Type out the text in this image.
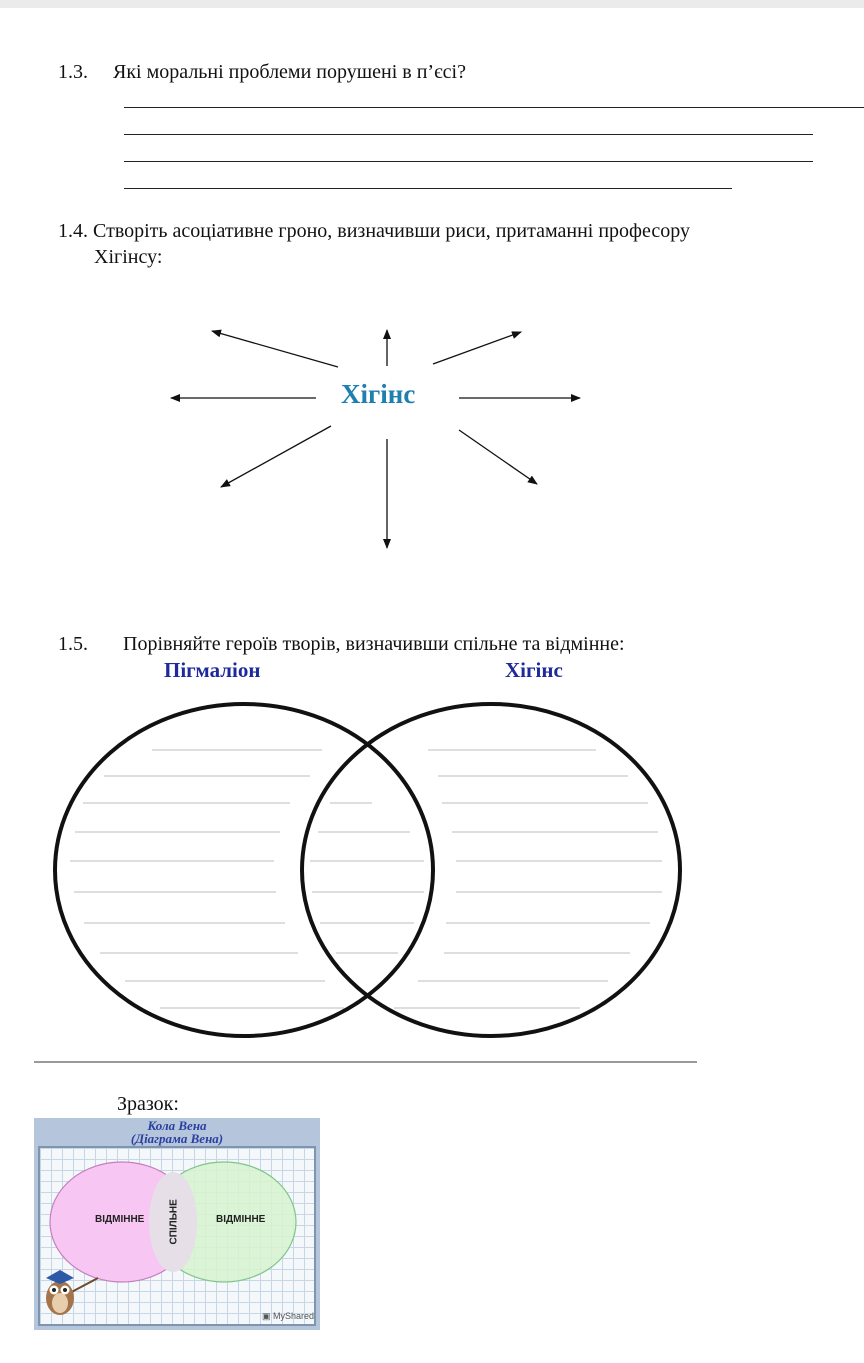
1.3. Які моральні проблеми порушені в п’єсі?
1.4. Створіть асоціативне гроно, визначивши риси, притаманні професору
Хігінсу:
Хігінс
1.5. Порівняйте героїв творів, визначивши спільне та відмінне:
Пігмаліон	Хігінс
Зразок:
Кола Вена
(Діаграма Вена)
ВІДМІННЕ СПІЛЬНЕ	ВІДМІННЕ
▣ MyShared
